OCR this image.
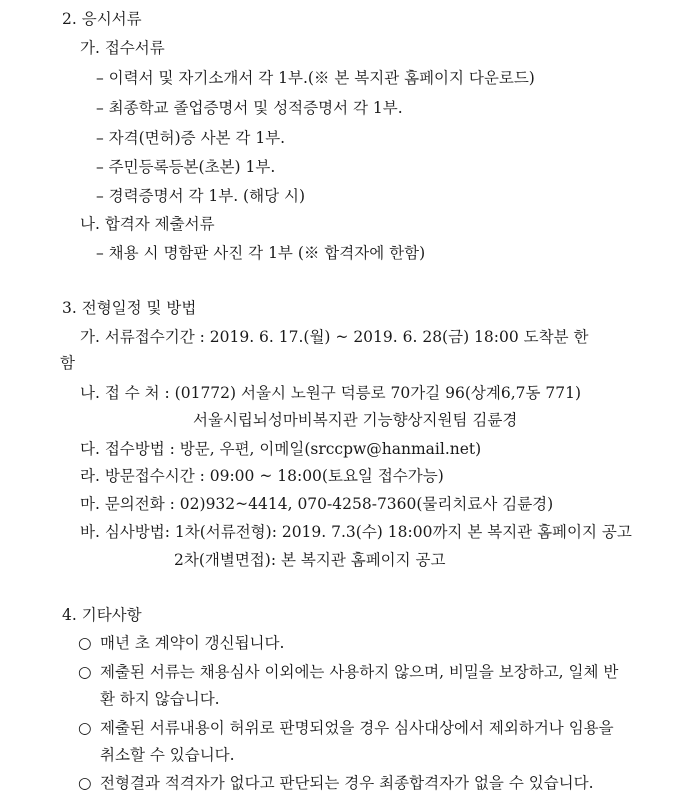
2. 응시서류
가. 접수서류
– 이력서 및 자기소개서 각 1부.(※ 본 복지관 홈페이지 다운로드)
– 최종학교 졸업증명서 및 성적증명서 각 1부.
– 자격(면허)증 사본 각 1부.
– 주민등록등본(초본) 1부.
– 경력증명서 각 1부. (해당 시)
나. 합격자 제출서류
– 채용 시 명함판 사진 각 1부 (※ 합격자에 한함)
3. 전형일정 및 방법
가. 서류접수기간 : 2019. 6. 17.(월) ~ 2019. 6. 28(금) 18:00 도착분 한
함
나. 접 수 처 : (01772) 서울시 노원구 덕릉로 70가길 96(상계6,7동 771)
서울시립뇌성마비복지관 기능향상지원팀 김륜경
다. 접수방법 : 방문, 우편, 이메일(srccpw@hanmail.net)
라. 방문접수시간 : 09:00 ~ 18:00(토요일 접수가능)
마. 문의전화 : 02)932~4414, 070-4258-7360(물리치료사 김륜경)
바. 심사방법: 1차(서류전형): 2019. 7.3(수) 18:00까지 본 복지관 홈페이지 공고
2차(개별면접): 본 복지관 홈페이지 공고
4. 기타사항
○ 매년 초 계약이 갱신됩니다.
○ 제출된 서류는 채용심사 이외에는 사용하지 않으며, 비밀을 보장하고, 일체 반
환 하지 않습니다.
○ 제출된 서류내용이 허위로 판명되었을 경우 심사대상에서 제외하거나 임용을
취소할 수 있습니다.
○ 전형결과 적격자가 없다고 판단되는 경우 최종합격자가 없을 수 있습니다.
